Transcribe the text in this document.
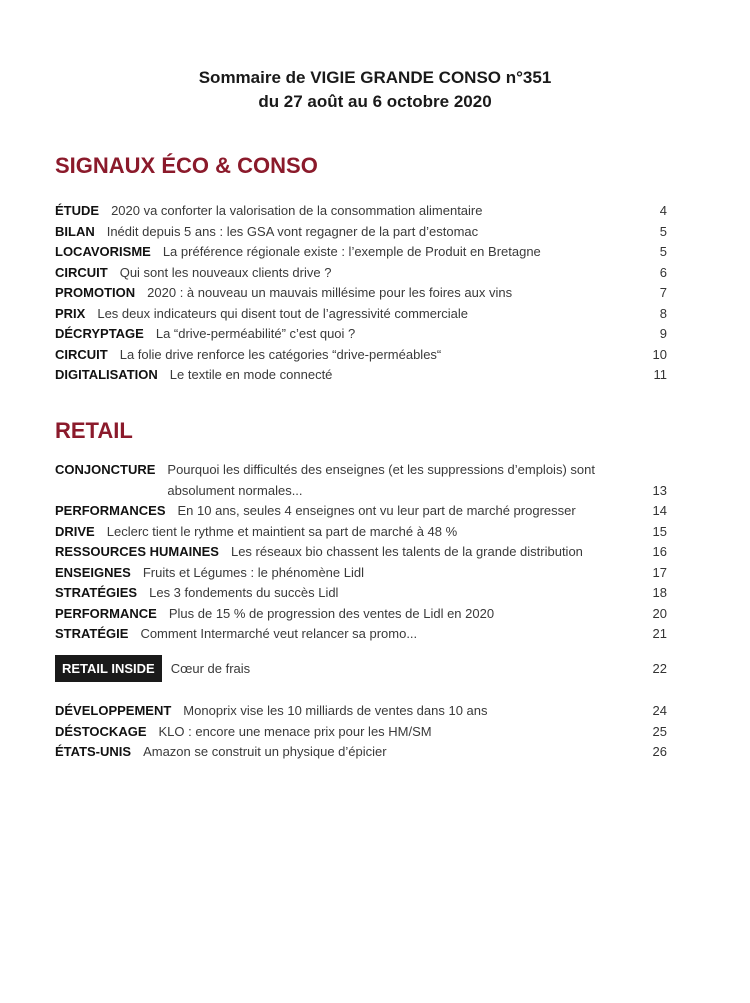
Sommaire de VIGIE GRANDE CONSO n°351
du 27 août au 6 octobre 2020
SIGNAUX ÉCO & CONSO
ÉTUDE 2020 va conforter la valorisation de la consommation alimentaire	4
BILAN Inédit depuis 5 ans : les GSA vont regagner de la part d’estomac	5
LOCAVORISME La préférence régionale existe : l’exemple de Produit en Bretagne	5
CIRCUIT Qui sont les nouveaux clients drive ?	6
PROMOTION 2020 : à nouveau un mauvais millésime pour les foires aux vins	7
PRIX Les deux indicateurs qui disent tout de l’agressivité commerciale	8
DÉCRYPTAGE La “drive-perméabilité” c’est quoi ?	9
CIRCUIT La folie drive renforce les catégories “drive-perméables“	10
DIGITALISATION Le textile en mode connecté	11
RETAIL
CONJONCTURE Pourquoi les difficultés des enseignes (et les suppressions d’emplois) sont absolument normales...	13
PERFORMANCES En 10 ans, seules 4 enseignes ont vu leur part de marché progresser	14
DRIVE Leclerc tient le rythme et maintient sa part de marché à 48 %	15
RESSOURCES HUMAINES Les réseaux bio chassent les talents de la grande distribution	16
ENSEIGNES Fruits et Légumes : le phénomène Lidl	17
STRATÉGIES Les 3 fondements du succès Lidl	18
PERFORMANCE Plus de 15 % de progression des ventes de Lidl en 2020	20
STRATÉGIE Comment Intermarché veut relancer sa promo...	21
RETAIL INSIDE	Cœur de frais	22
DÉVELOPPEMENT Monoprix vise les 10 milliards de ventes dans 10 ans	24
DÉSTOCKAGE KLO : encore une menace prix pour les HM/SM	25
ÉTATS-UNIS Amazon se construit un physique d’épicier	26
